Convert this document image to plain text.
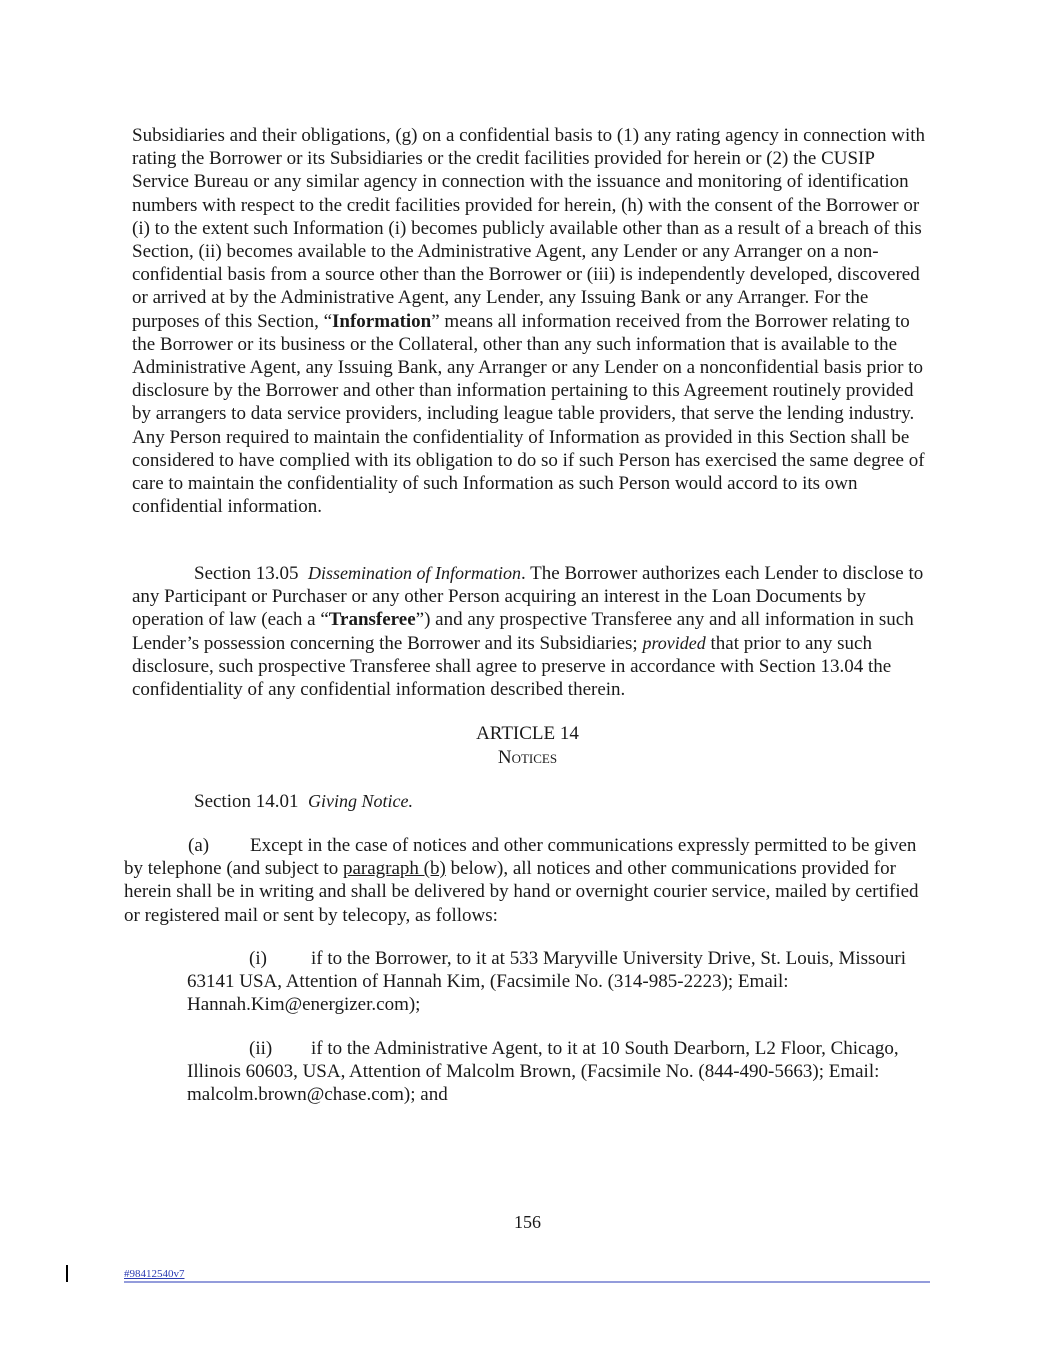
Subsidiaries and their obligations, (g) on a confidential basis to (1) any rating agency in connection with rating the Borrower or its Subsidiaries or the credit facilities provided for herein or (2) the CUSIP Service Bureau or any similar agency in connection with the issuance and monitoring of identification numbers with respect to the credit facilities provided for herein, (h) with the consent of the Borrower or (i) to the extent such Information (i) becomes publicly available other than as a result of a breach of this Section, (ii) becomes available to the Administrative Agent, any Lender or any Arranger on a non-confidential basis from a source other than the Borrower or (iii) is independently developed, discovered or arrived at by the Administrative Agent, any Lender, any Issuing Bank or any Arranger. For the purposes of this Section, “Information” means all information received from the Borrower relating to the Borrower or its business or the Collateral, other than any such information that is available to the Administrative Agent, any Issuing Bank, any Arranger or any Lender on a nonconfidential basis prior to disclosure by the Borrower and other than information pertaining to this Agreement routinely provided by arrangers to data service providers, including league table providers, that serve the lending industry. Any Person required to maintain the confidentiality of Information as provided in this Section shall be considered to have complied with its obligation to do so if such Person has exercised the same degree of care to maintain the confidentiality of such Information as such Person would accord to its own confidential information.

Section 13.05 Dissemination of Information. The Borrower authorizes each Lender to disclose to any Participant or Purchaser or any other Person acquiring an interest in the Loan Documents by operation of law (each a “Transferee”) and any prospective Transferee any and all information in such Lender’s possession concerning the Borrower and its Subsidiaries; provided that prior to any such disclosure, such prospective Transferee shall agree to preserve in accordance with Section 13.04 the confidentiality of any confidential information described therein.

ARTICLE 14
Notices
Section 14.01 Giving Notice.

(a) Except in the case of notices and other communications expressly permitted to be given by telephone (and subject to paragraph (b) below), all notices and other communications provided for herein shall be in writing and shall be delivered by hand or overnight courier service, mailed by certified or registered mail or sent by telecopy, as follows:

(i) if to the Borrower, to it at 533 Maryville University Drive, St. Louis, Missouri 63141 USA, Attention of Hannah Kim, (Facsimile No. (314-985-2223); Email: Hannah.Kim@energizer.com);

(ii) if to the Administrative Agent, to it at 10 South Dearborn, L2 Floor, Chicago, Illinois 60603, USA, Attention of Malcolm Brown, (Facsimile No. (844-490-5663); Email: malcolm.brown@chase.com); and

156
#98412540v7
